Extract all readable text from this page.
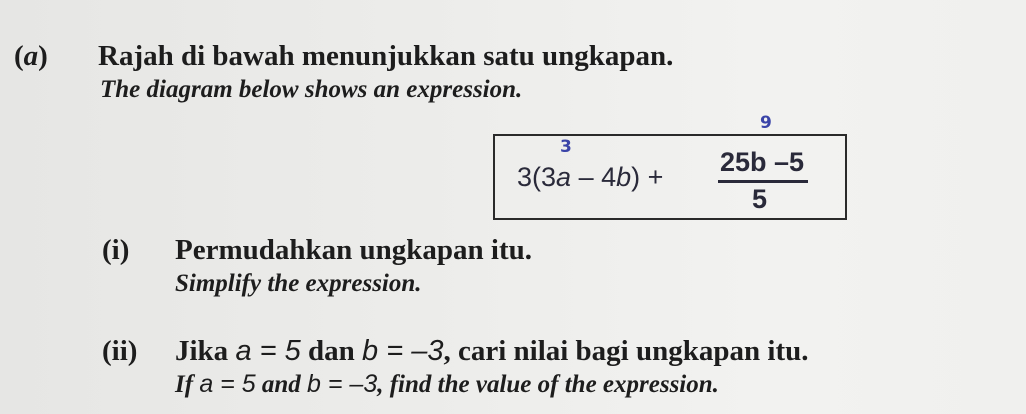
(a) Rajah di bawah menunjukkan satu ungkapan.
The diagram below shows an expression.
3(3a – 4b) + 25b –5
5
3
9
(i) Permudahkan ungkapan itu.
Simplify the expression.
(ii) Jika a = 5 dan b = –3, cari nilai bagi ungkapan itu.
If a = 5 and b = –3, find the value of the expression.
